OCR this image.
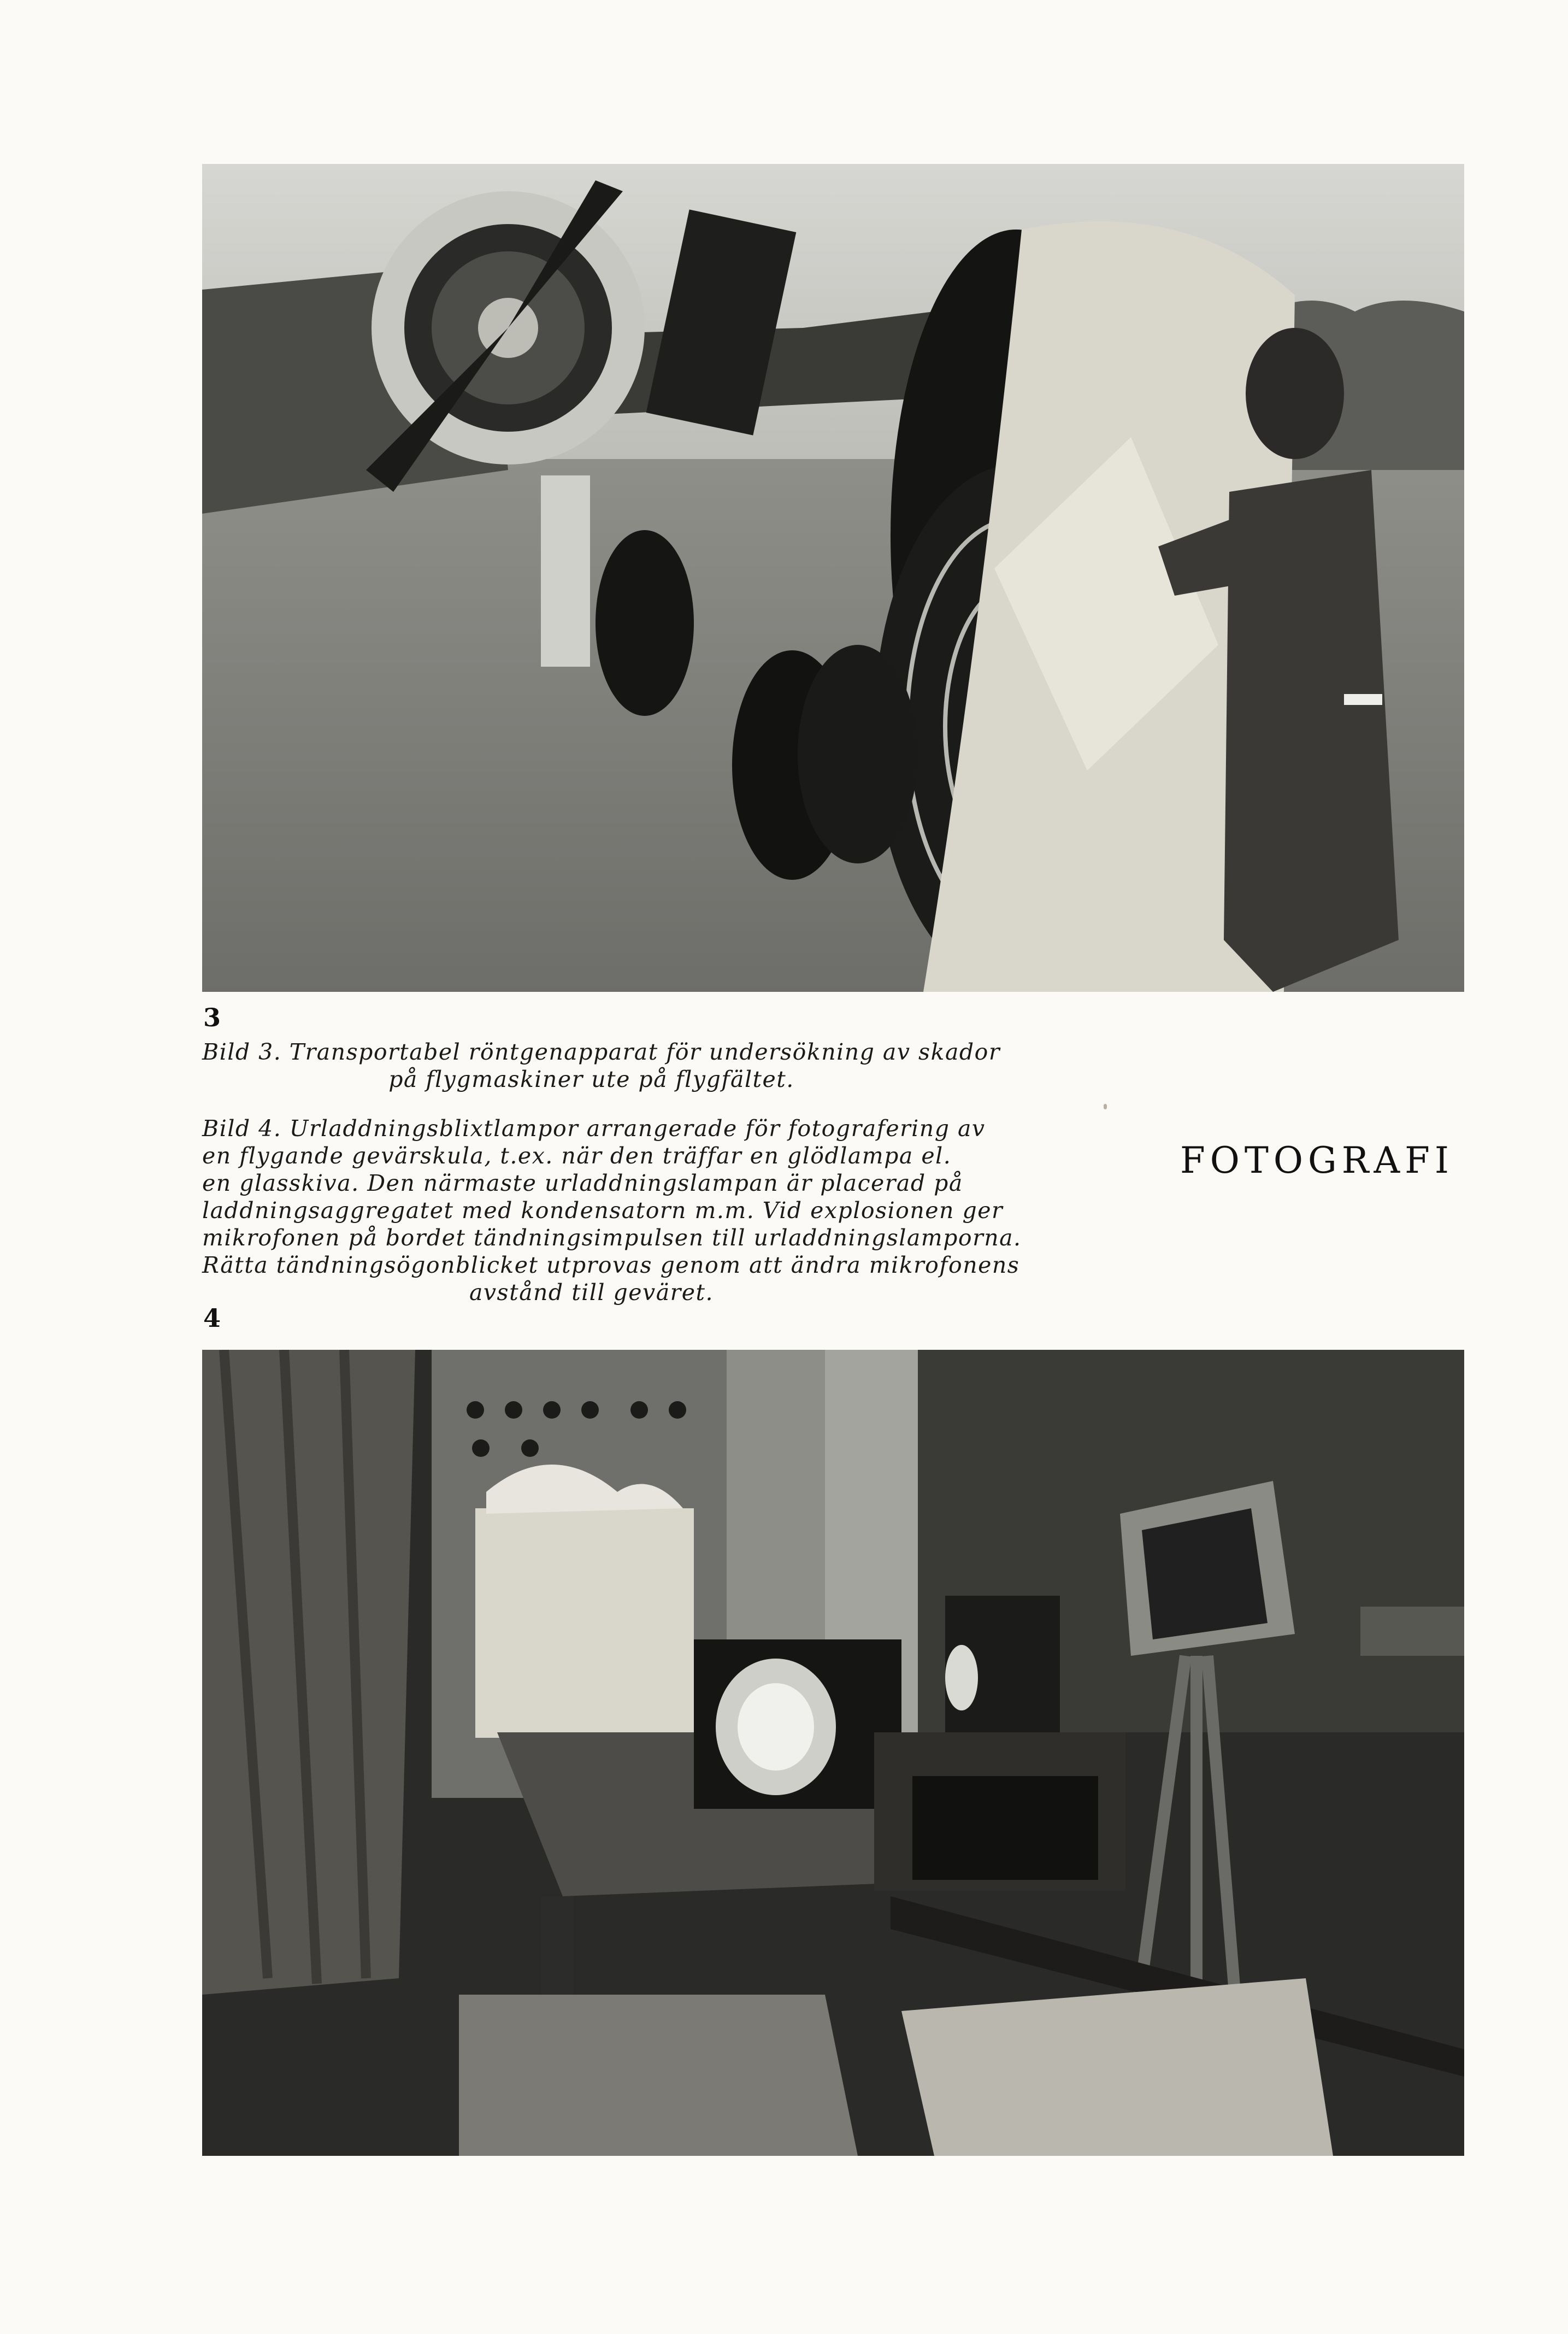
3
Bild 3. Transportabel röntgenapparat för undersökning av skador
på flygmaskiner ute på flygfältet.
Bild 4. Urladdningsblixtlampor arrangerade för fotografering av
en flygande gevärskula, t.ex. när den träffar en glödlampa el.
en glasskiva. Den närmaste urladdningslampan är placerad på
laddningsaggregatet med kondensatorn m.m. Vid explosionen ger
mikrofonen på bordet tändningsimpulsen till urladdningslamporna.
Rätta tändningsögonblicket utprovas genom att ändra mikrofonens
avstånd till geväret.
FOTOGRAFI
4
